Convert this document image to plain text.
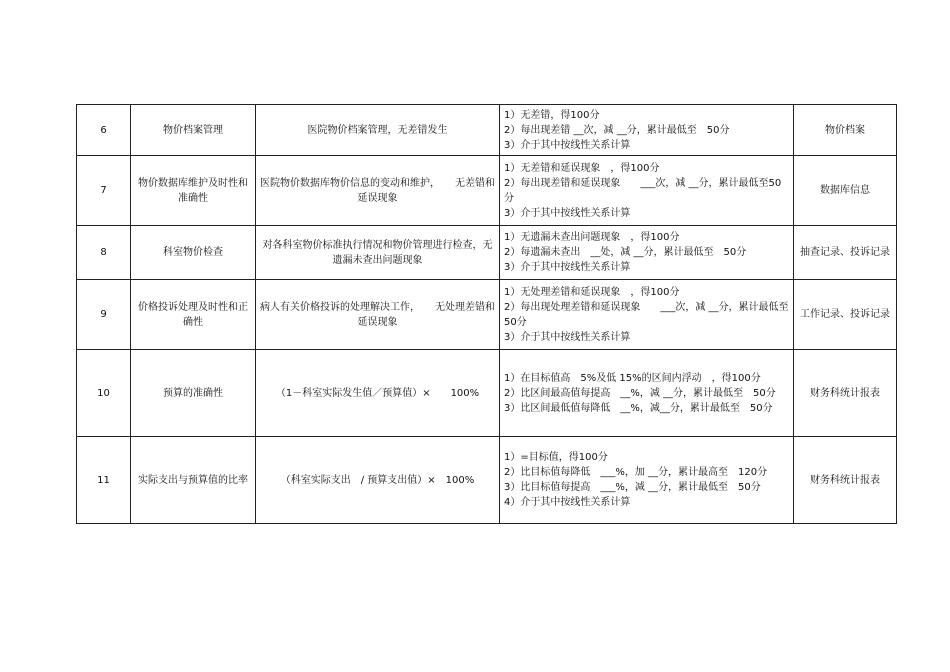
6	物价档案管理	医院物价档案管理，无差错发生	1）无差错，得100分
2）每出现差错 __次，减 __分，累计最低至　50分
3）介于其中按线性关系计算	物价档案
7	物价数据库维护及时性和准确性	医院物价数据库物价信息的变动和维护，　　无差错和延误现象	1）无差错和延误现象　，得100分
2）每出现差错和延误现象　　___次，减 __分，累计最低至50分
3）介于其中按线性关系计算	数据库信息
8	科室物价检查	对各科室物价标准执行情况和物价管理进行检查，无遗漏未查出问题现象	1）无遗漏未查出问题现象　，得100分
2）每遗漏未查出　__处，减 __分，累计最低至　50分
3）介于其中按线性关系计算	抽查记录、投诉记录
9	价格投诉处理及时性和正确性	病人有关价格投诉的处理解决工作，　　无处理差错和延误现象	1）无处理差错和延误现象　，得100分
2）每出现处理差错和延误现象　　___次，减 __分，累计最低至 50分
3）介于其中按线性关系计算	工作记录、投诉记录
10	预算的准确性	（1－科室实际发生值／预算值）×　　100%	1）在目标值高　5%及低 15%的区间内浮动　，得100分
2）比区间最高值每提高　__%，减 __分，累计最低至　50分
3）比区间最低值每降低　__%，减__分，累计最低至　50分	财务科统计报表
11	实际支出与预算值的比率	（科室实际支出　/ 预算支出值）×　100%	1）=目标值，得100分
2）比目标值每降低　___%，加 __分，累计最高至　120分
3）比目标值每提高　___%，减 __分，累计最低至　50分
4）介于其中按线性关系计算	财务科统计报表
